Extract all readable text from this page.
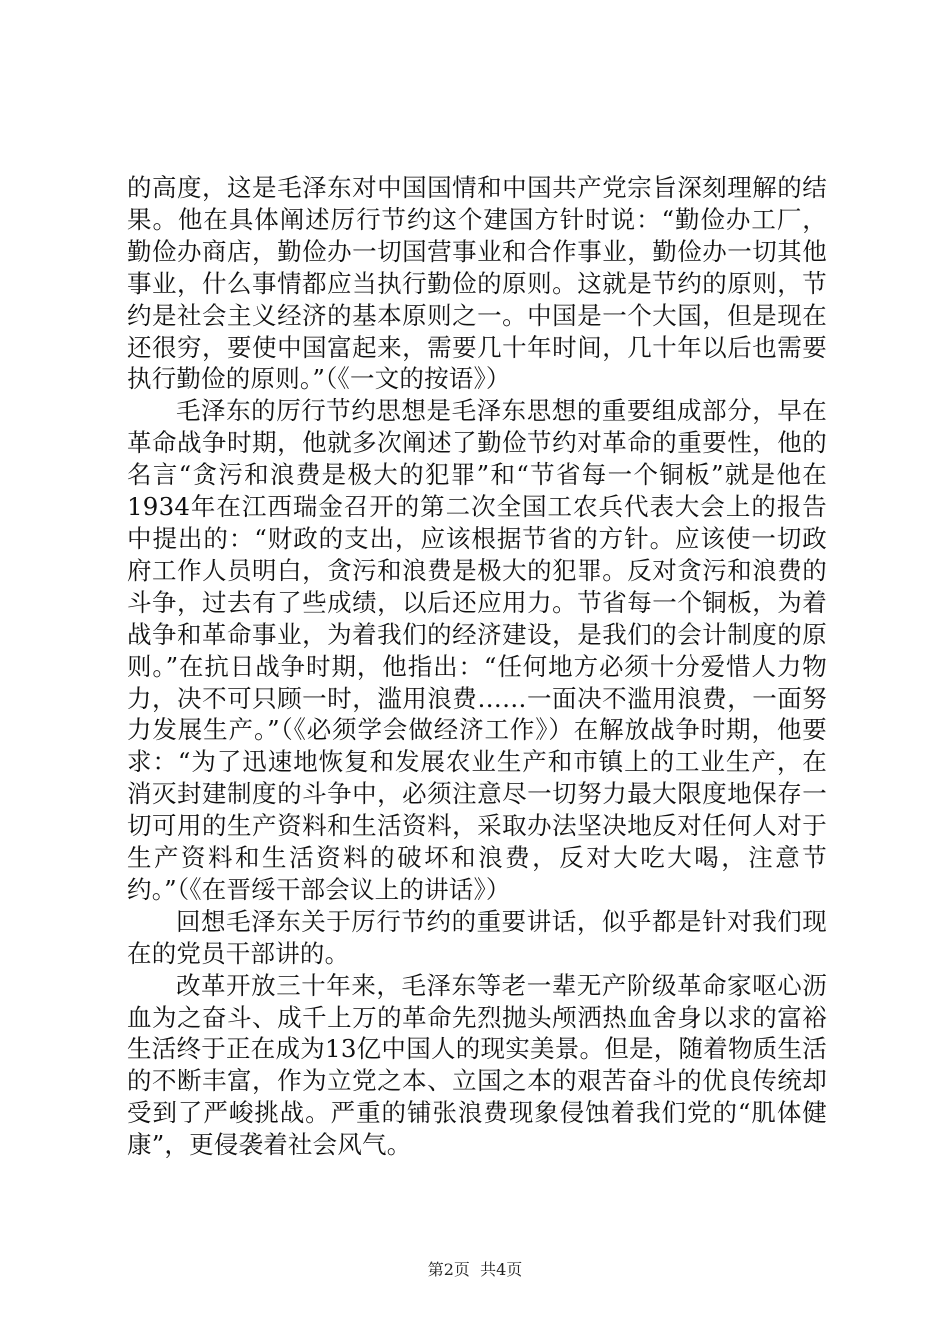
的高度，这是毛泽东对中国国情和中国共产党宗旨深刻理解的结果。他在具体阐述厉行节约这个建国方针时说：“勤俭办工厂，勤俭办商店，勤俭办一切国营事业和合作事业，勤俭办一切其他事业，什么事情都应当执行勤俭的原则。这就是节约的原则，节约是社会主义经济的基本原则之一。中国是一个大国，但是现在还很穷，要使中国富起来，需要几十年时间，几十年以后也需要执行勤俭的原则。”（《一文的按语》）

毛泽东的厉行节约思想是毛泽东思想的重要组成部分，早在革命战争时期，他就多次阐述了勤俭节约对革命的重要性，他的名言“贪污和浪费是极大的犯罪”和“节省每一个铜板”就是他在1934年在江西瑞金召开的第二次全国工农兵代表大会上的报告中提出的：“财政的支出，应该根据节省的方针。应该使一切政府工作人员明白，贪污和浪费是极大的犯罪。反对贪污和浪费的斗争，过去有了些成绩，以后还应用力。节省每一个铜板，为着战争和革命事业，为着我们的经济建设，是我们的会计制度的原则。”在抗日战争时期，他指出：“任何地方必须十分爱惜人力物力，决不可只顾一时，滥用浪费……一面决不滥用浪费，一面努力发展生产。”（《必须学会做经济工作》）在解放战争时期，他要求：“为了迅速地恢复和发展农业生产和市镇上的工业生产，在消灭封建制度的斗争中，必须注意尽一切努力最大限度地保存一切可用的生产资料和生活资料，采取办法坚决地反对任何人对于生产资料和生活资料的破坏和浪费，反对大吃大喝，注意节约。”（《在晋绥干部会议上的讲话》）

回想毛泽东关于厉行节约的重要讲话，似乎都是针对我们现在的党员干部讲的。

改革开放三十年来，毛泽东等老一辈无产阶级革命家呕心沥血为之奋斗、成千上万的革命先烈抛头颅洒热血舍身以求的富裕生活终于正在成为13亿中国人的现实美景。但是，随着物质生活的不断丰富，作为立党之本、立国之本的艰苦奋斗的优良传统却受到了严峻挑战。严重的铺张浪费现象侵蚀着我们党的“肌体健康”，更侵袭着社会风气。

第2页  共4页
